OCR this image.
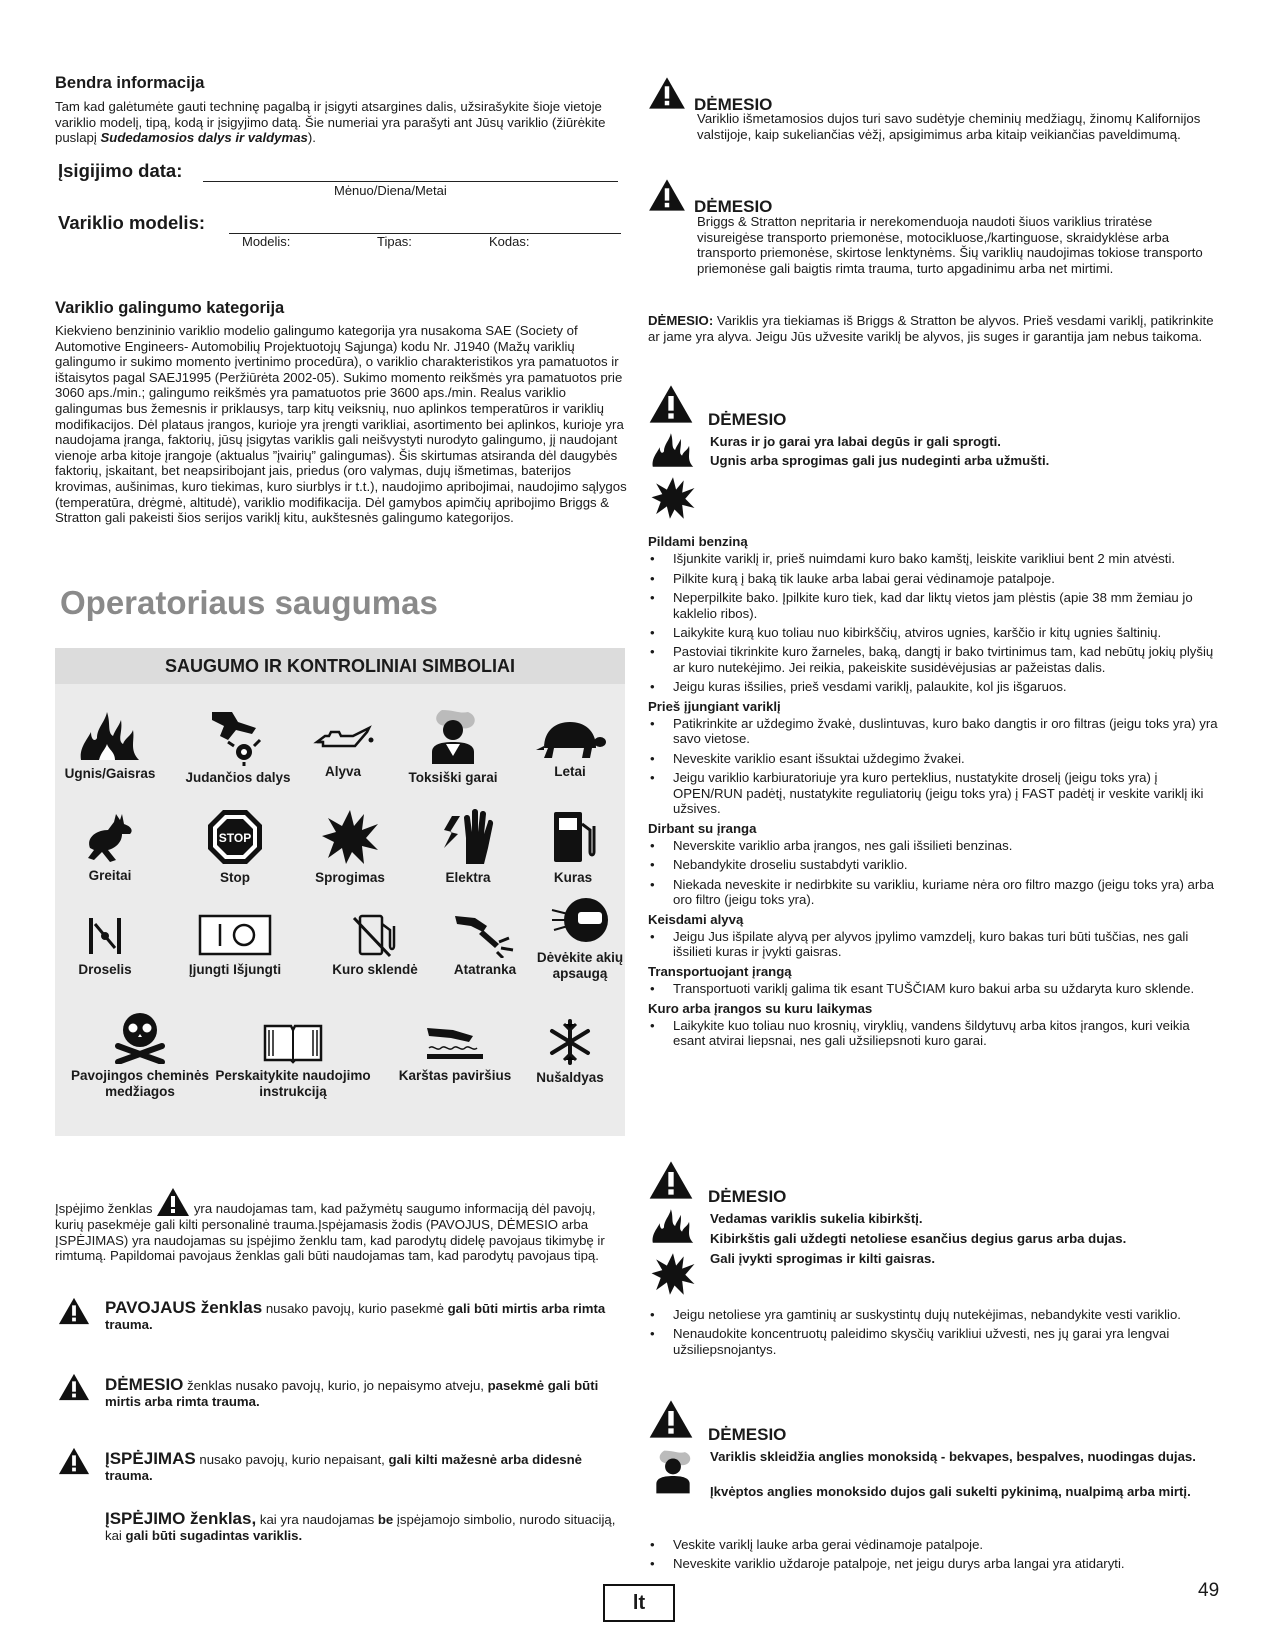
Bendra informacija
Tam kad galėtumėte gauti techninę pagalbą ir įsigyti atsargines dalis, užsirašykite šioje vietoje variklio modelį, tipą, kodą ir įsigyjimo datą. Šie numeriai yra parašyti ant Jūsų variklio (žiūrėkite puslapį Sudedamosios dalys ir valdymas).
Įsigijimo data:
Mėnuo/Diena/Metai
Variklio modelis:
Modelis:	Tipas:	Kodas:
Variklio galingumo kategorija
Kiekvieno benzininio variklio modelio galingumo kategorija yra nusakoma SAE (Society of Automotive Engineers- Automobilių Projektuotojų Sąjunga) kodu Nr. J1940 (Mažų variklių galingumo ir sukimo momento įvertinimo procedūra), o variklio charakteristikos yra pamatuotos ir ištaisytos pagal SAEJ1995 (Peržiūrėta 2002-05). Sukimo momento reikšmės yra pamatuotos prie 3060 aps./min.; galingumo reikšmės yra pamatuotos prie 3600 aps./min. Realus variklio galingumas bus žemesnis ir priklausys, tarp kitų veiksnių, nuo aplinkos temperatūros ir variklių modifikacijos. Dėl plataus įrangos, kurioje yra įrengti varikliai, asortimento bei aplinkos, kurioje yra naudojama įranga, faktorių, jūsų įsigytas variklis gali neišvystyti nurodyto galingumo, jį naudojant vienoje arba kitoje įrangoje (aktualus ”įvairių” galingumas). Šis skirtumas atsiranda dėl daugybės faktorių, įskaitant, bet neapsiribojant jais, priedus (oro valymas, dujų išmetimas, baterijos krovimas, aušinimas, kuro tiekimas, kuro siurblys ir t.t.), naudojimo apribojimai, naudojimo sąlygos (temperatūra, drėgmė, altitudė), variklio modifikacija. Dėl gamybos apimčių apribojimo Briggs & Stratton gali pakeisti šios serijos variklį kitu, aukštesnės galingumo kategorijos.
Operatoriaus saugumas
SAUGUMO IR KONTROLINIAI SIMBOLIAI
Ugnis/Gaisras	Judančios dalys	Alyva	Toksiški garai	Letai
Greitai
STOP
Stop	Sprogimas	Elektra	Kuras
Droselis	Įjungti Išjungti	Kuro sklendė	Atatranka
Dėvėkite akių apsaugą
Pavojingos cheminės medžiagos
Perskaitykite naudojimo instrukciją
Karštas paviršius	Nušaldyas
Įspėjimo ženklas	yra naudojamas tam, kad pažymėtų saugumo informaciją dėl pavojų, kurių pasekmėje gali kilti personalinė trauma.Įspėjamasis žodis (PAVOJUS, DĖMESIO arba ĮSPĖJIMAS) yra naudojamas su įspėjimo ženklu tam, kad parodytų didelę pavojaus tikimybę ir rimtumą. Papildomai pavojaus ženklas gali būti naudojamas tam, kad parodytų pavojaus tipą.
PAVOJAUS ženklas nusako pavojų, kurio pasekmė gali būti mirtis arba rimta trauma.
DĖMESIO ženklas nusako pavojų, kurio, jo nepaisymo atveju, pasekmė gali būti mirtis arba rimta trauma.
ĮSPĖJIMAS nusako pavojų, kurio nepaisant, gali kilti mažesnė arba didesnė trauma.
ĮSPĖJIMO ženklas, kai yra naudojamas be įspėjamojo simbolio, nurodo situaciją, kai gali būti sugadintas variklis.
DĖMESIO
Variklio išmetamosios dujos turi savo sudėtyje cheminių medžiagų, žinomų Kalifornijos valstijoje, kaip sukeliančias vėžį, apsigimimus arba kitaip veikiančias paveldimumą.
DĖMESIO
Briggs & Stratton nepritaria ir nerekomenduoja naudoti šiuos variklius triratėse visureigėse transporto priemonėse, motocikluose,/kartinguose, skraidyklėse arba transporto priemonėse, skirtose lenktynėms. Šių variklių naudojimas tokiose transporto priemonėse gali baigtis rimta trauma, turto apgadinimu arba net mirtimi.
DĖMESIO: Variklis yra tiekiamas iš Briggs & Stratton be alyvos. Prieš vesdami variklį, patikrinkite ar jame yra alyva. Jeigu Jūs užvesite variklį be alyvos, jis suges ir garantija jam nebus taikoma.
DĖMESIO
Kuras ir jo garai yra labai degūs ir gali sprogti.
Ugnis arba sprogimas gali jus nudeginti arba užmušti.
Pildami benziną
• Išjunkite variklį ir, prieš nuimdami kuro bako kamštį, leiskite varikliui bent 2 min atvėsti.
• Pilkite kurą į baką tik lauke arba labai gerai vėdinamoje patalpoje.
• Neperpilkite bako. Įpilkite kuro tiek, kad dar liktų vietos jam plėstis (apie 38 mm žemiau jo kaklelio ribos).
• Laikykite kurą kuo toliau nuo kibirkščių, atviros ugnies, karščio ir kitų ugnies šaltinių.
• Pastoviai tikrinkite kuro žarneles, baką, dangtį ir bako tvirtinimus tam, kad nebūtų jokių plyšių ar kuro nutekėjimo. Jei reikia, pakeiskite susidėvėjusias ar pažeistas dalis.
• Jeigu kuras išsilies, prieš vesdami variklį, palaukite, kol jis išgaruos.
Prieš įjungiant variklį
• Patikrinkite ar uždegimo žvakė, duslintuvas, kuro bako dangtis ir oro filtras (jeigu toks yra) yra savo vietose.
• Neveskite variklio esant išsuktai uždegimo žvakei.
• Jeigu variklio karbiuratoriuje yra kuro perteklius, nustatykite droselį (jeigu toks yra) į OPEN/RUN padėtį, nustatykite reguliatorių (jeigu toks yra) į FAST padėtį ir veskite variklį iki užsives.
Dirbant su įranga
• Neverskite variklio arba įrangos, nes gali išsilieti benzinas.
• Nebandykite droseliu sustabdyti variklio.
• Niekada neveskite ir nedirbkite su varikliu, kuriame nėra oro filtro mazgo (jeigu toks yra) arba oro filtro (jeigu toks yra).
Keisdami alyvą
• Jeigu Jus išpilate alyvą per alyvos įpylimo vamzdelį, kuro bakas turi būti tuščias, nes gali išsilieti kuras ir įvykti gaisras.
Transportuojant įrangą
• Transportuoti variklį galima tik esant TUŠČIAM kuro bakui arba su uždaryta kuro sklende.
Kuro arba įrangos su kuru laikymas
• Laikykite kuo toliau nuo krosnių, viryklių, vandens šildytuvų arba kitos įrangos, kuri veikia esant atvirai liepsnai, nes gali užsiliepsnoti kuro garai.
DĖMESIO
Vedamas variklis sukelia kibirkštį.
Kibirkštis gali uždegti netoliese esančius degius garus arba dujas.
Gali įvykti sprogimas ir kilti gaisras.
• Jeigu netoliese yra gamtinių ar suskystintų dujų nutekėjimas, nebandykite vesti variklio.
• Nenaudokite koncentruotų paleidimo skysčių varikliui užvesti, nes jų garai yra lengvai užsiliepsnojantys.
DĖMESIO
Variklis skleidžia anglies monoksidą - bekvapes, bespalves, nuodingas dujas.
Įkvėptos anglies monoksido dujos gali sukelti pykinimą, nualpimą arba mirtį.
• Veskite variklį lauke arba gerai vėdinamoje patalpoje.
• Neveskite variklio uždaroje patalpoje, net jeigu durys arba langai yra atidaryti.
lt
49
